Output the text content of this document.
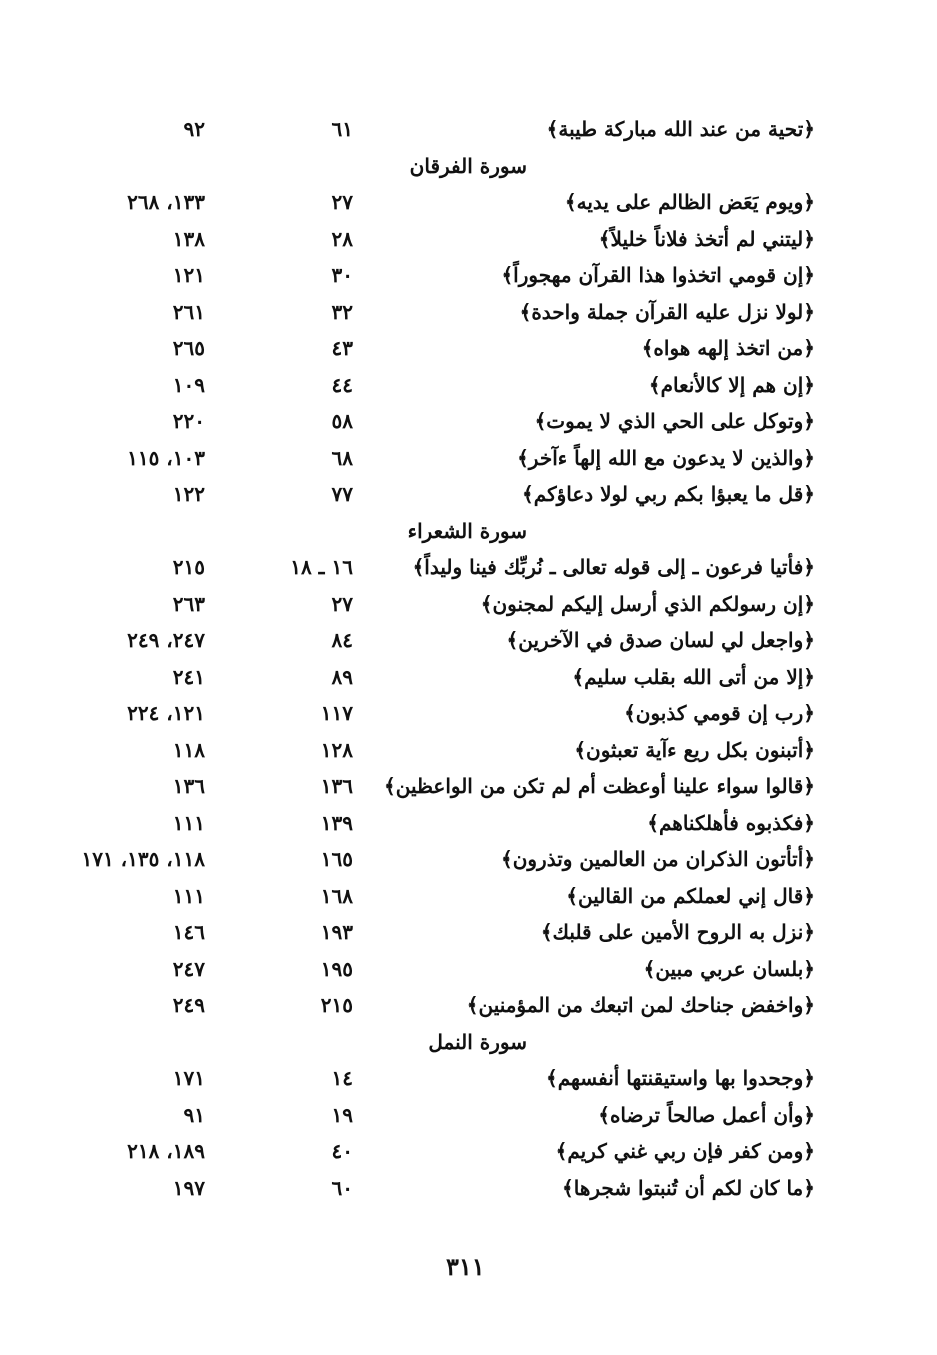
﴿تحية من عند الله مباركة طيبة﴾
٦١
٩٢
سورة الفرقان
﴿ويوم يَعَض الظالم على يديه﴾
٢٧
١٣٣، ٢٦٨
﴿ليتني لم أتخذ فلاناً خليلاً﴾
٢٨
١٣٨
﴿إن قومي اتخذوا هذا القرآن مهجوراً﴾
٣٠
١٢١
﴿لولا نزل عليه القرآن جملة واحدة﴾
٣٢
٢٦١
﴿من اتخذ إلهه هواه﴾
٤٣
٢٦٥
﴿إن هم إلا كالأنعام﴾
٤٤
١٠٩
﴿وتوكل على الحي الذي لا يموت﴾
٥٨
٢٢٠
﴿والذين لا يدعون مع الله إلهاً ءآخر﴾
٦٨
١٠٣، ١١٥
﴿قل ما يعبؤا بكم ربي لولا دعاؤكم﴾
٧٧
١٢٢
سورة الشعراء
﴿فأتيا فرعون ـ إلى قوله تعالى ـ نُربِّك فينا وليداً﴾
١٦ ـ ١٨
٢١٥
﴿إن رسولكم الذي أرسل إليكم لمجنون﴾
٢٧
٢٦٣
﴿واجعل لي لسان صدق في الآخرين﴾
٨٤
٢٤٧، ٢٤٩
﴿إلا من أتى الله بقلب سليم﴾
٨٩
٢٤١
﴿رب إن قومي كذبون﴾
١١٧
١٢١، ٢٢٤
﴿أتبنون بكل ريع ءآية تعبثون﴾
١٢٨
١١٨
﴿قالوا سواء علينا أوعظت أم لم تكن من الواعظين﴾
١٣٦
١٣٦
﴿فكذبوه فأهلكناهم﴾
١٣٩
١١١
﴿أتأتون الذكران من العالمين وتذرون﴾
١٦٥
١١٨، ١٣٥، ١٧١
﴿قال إني لعملكم من القالين﴾
١٦٨
١١١
﴿نزل به الروح الأمين على قلبك﴾
١٩٣
١٤٦
﴿بلسان عربي مبين﴾
١٩٥
٢٤٧
﴿واخفض جناحك لمن اتبعك من المؤمنين﴾
٢١٥
٢٤٩
سورة النمل
﴿وجحدوا بها واستيقنتها أنفسهم﴾
١٤
١٧١
﴿وأن أعمل صالحاً ترضاه﴾
١٩
٩١
﴿ومن كفر فإن ربي غني كريم﴾
٤٠
١٨٩، ٢١٨
﴿ما كان لكم أن تُنبتوا شجرها﴾
٦٠
١٩٧
٣١١
